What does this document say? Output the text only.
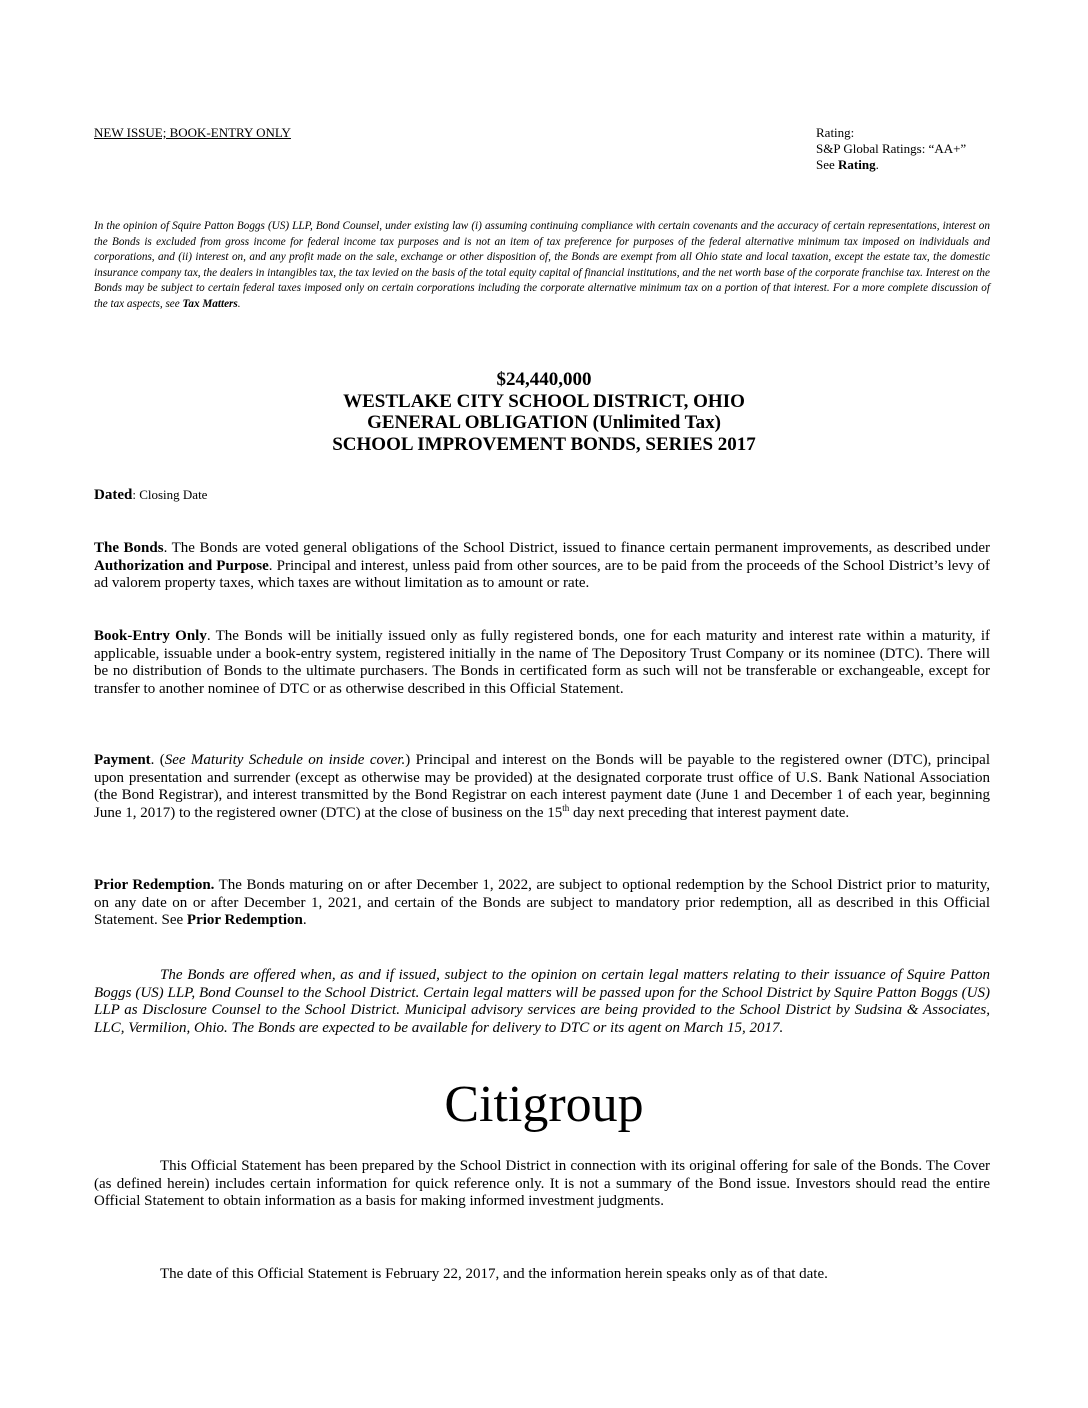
NEW ISSUE; BOOK-ENTRY ONLY	Rating:
S&P Global Ratings: “AA+”
See Rating.
In the opinion of Squire Patton Boggs (US) LLP, Bond Counsel, under existing law (i) assuming continuing compliance with certain covenants and the accuracy of certain representations, interest on the Bonds is excluded from gross income for federal income tax purposes and is not an item of tax preference for purposes of the federal alternative minimum tax imposed on individuals and corporations, and (ii) interest on, and any profit made on the sale, exchange or other disposition of, the Bonds are exempt from all Ohio state and local taxation, except the estate tax, the domestic insurance company tax, the dealers in intangibles tax, the tax levied on the basis of the total equity capital of financial institutions, and the net worth base of the corporate franchise tax. Interest on the Bonds may be subject to certain federal taxes imposed only on certain corporations including the corporate alternative minimum tax on a portion of that interest. For a more complete discussion of the tax aspects, see Tax Matters.
$24,440,000
WESTLAKE CITY SCHOOL DISTRICT, OHIO
GENERAL OBLIGATION (Unlimited Tax)
SCHOOL IMPROVEMENT BONDS, SERIES 2017
Dated: Closing Date
The Bonds. The Bonds are voted general obligations of the School District, issued to finance certain permanent improvements, as described under Authorization and Purpose. Principal and interest, unless paid from other sources, are to be paid from the proceeds of the School District’s levy of ad valorem property taxes, which taxes are without limitation as to amount or rate.
Book-Entry Only. The Bonds will be initially issued only as fully registered bonds, one for each maturity and interest rate within a maturity, if applicable, issuable under a book-entry system, registered initially in the name of The Depository Trust Company or its nominee (DTC). There will be no distribution of Bonds to the ultimate purchasers. The Bonds in certificated form as such will not be transferable or exchangeable, except for transfer to another nominee of DTC or as otherwise described in this Official Statement.
Payment. (See Maturity Schedule on inside cover.) Principal and interest on the Bonds will be payable to the registered owner (DTC), principal upon presentation and surrender (except as otherwise may be provided) at the designated corporate trust office of U.S. Bank National Association (the Bond Registrar), and interest transmitted by the Bond Registrar on each interest payment date (June 1 and December 1 of each year, beginning June 1, 2017) to the registered owner (DTC) at the close of business on the 15th day next preceding that interest payment date.
Prior Redemption. The Bonds maturing on or after December 1, 2022, are subject to optional redemption by the School District prior to maturity, on any date on or after December 1, 2021, and certain of the Bonds are subject to mandatory prior redemption, all as described in this Official Statement. See Prior Redemption.
The Bonds are offered when, as and if issued, subject to the opinion on certain legal matters relating to their issuance of Squire Patton Boggs (US) LLP, Bond Counsel to the School District. Certain legal matters will be passed upon for the School District by Squire Patton Boggs (US) LLP as Disclosure Counsel to the School District. Municipal advisory services are being provided to the School District by Sudsina & Associates, LLC, Vermilion, Ohio. The Bonds are expected to be available for delivery to DTC or its agent on March 15, 2017.
Citigroup
This Official Statement has been prepared by the School District in connection with its original offering for sale of the Bonds. The Cover (as defined herein) includes certain information for quick reference only. It is not a summary of the Bond issue. Investors should read the entire Official Statement to obtain information as a basis for making informed investment judgments.
The date of this Official Statement is February 22, 2017, and the information herein speaks only as of that date.
